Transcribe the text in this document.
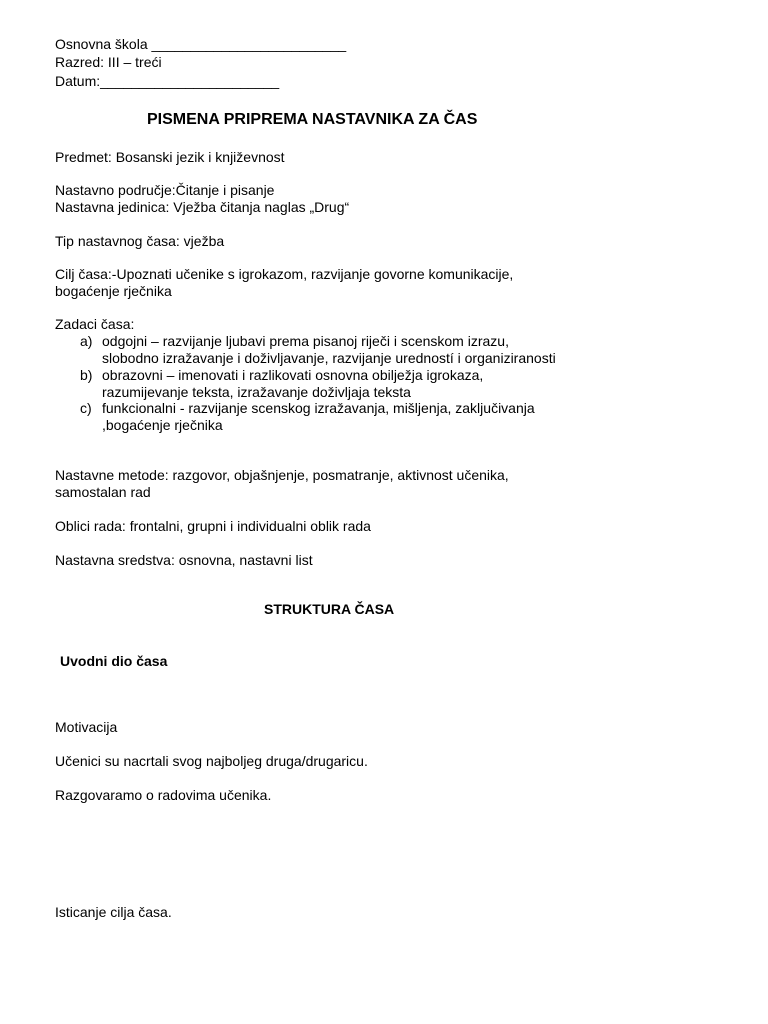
Osnovna škola _________________________
Razred: III – treći
Datum:_______________________
PISMENA PRIPREMA NASTAVNIKA ZA ČAS
Predmet: Bosanski jezik i književnost
Nastavno područje:Čitanje i pisanje
Nastavna jedinica: Vježba čitanja naglas „Drug“
Tip nastavnog časa: vježba
Cilj časa:-Upoznati učenike s igrokazom, razvijanje govorne komunikacije,
bogaćenje rječnika
Zadaci časa:
a) odgojni – razvijanje ljubavi prema pisanoj riječi i scenskom izrazu,
slobodno izražavanje i doživljavanje, razvijanje uredností i organiziranosti
b) obrazovni – imenovati i razlikovati osnovna obilježja igrokaza,
razumijevanje teksta, izražavanje doživljaja teksta
c) funkcionalni - razvijanje scenskog izražavanja, mišljenja, zaključivanja
,bogaćenje rječnika
Nastavne metode: razgovor, objašnjenje, posmatranje, aktivnost učenika,
samostalan rad
Oblici rada: frontalni, grupni i individualni oblik rada
Nastavna sredstva: osnovna, nastavni list
STRUKTURA ČASA
Uvodni dio časa
Motivacija
Učenici su nacrtali svog najboljeg druga/drugaricu.
Razgovaramo o radovima učenika.
Isticanje cilja časa.
